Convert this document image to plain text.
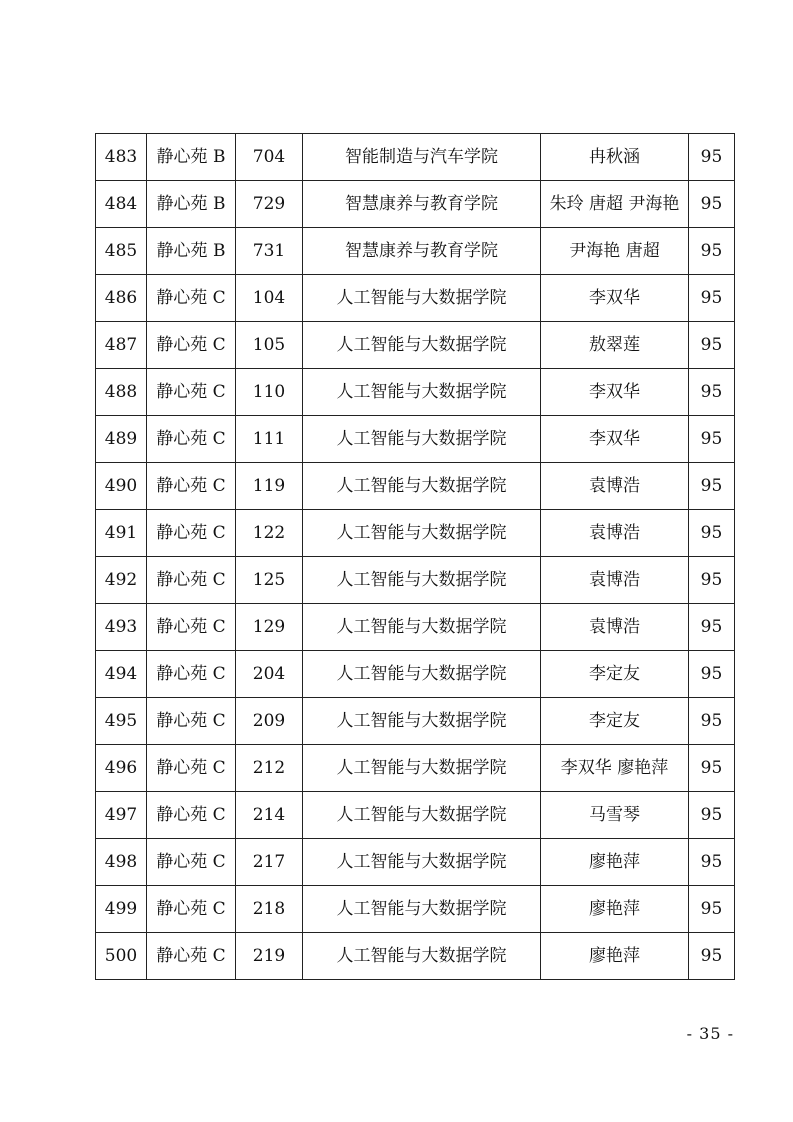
483	静心苑 B	704	智能制造与汽车学院	冉秋涵	95
484	静心苑 B	729	智慧康养与教育学院	朱玲 唐超 尹海艳	95
485	静心苑 B	731	智慧康养与教育学院	尹海艳 唐超	95
486	静心苑 C	104	人工智能与大数据学院	李双华	95
487	静心苑 C	105	人工智能与大数据学院	敖翠莲	95
488	静心苑 C	110	人工智能与大数据学院	李双华	95
489	静心苑 C	111	人工智能与大数据学院	李双华	95
490	静心苑 C	119	人工智能与大数据学院	袁博浩	95
491	静心苑 C	122	人工智能与大数据学院	袁博浩	95
492	静心苑 C	125	人工智能与大数据学院	袁博浩	95
493	静心苑 C	129	人工智能与大数据学院	袁博浩	95
494	静心苑 C	204	人工智能与大数据学院	李定友	95
495	静心苑 C	209	人工智能与大数据学院	李定友	95
496	静心苑 C	212	人工智能与大数据学院	李双华 廖艳萍	95
497	静心苑 C	214	人工智能与大数据学院	马雪琴	95
498	静心苑 C	217	人工智能与大数据学院	廖艳萍	95
499	静心苑 C	218	人工智能与大数据学院	廖艳萍	95
500	静心苑 C	219	人工智能与大数据学院	廖艳萍	95
- 35 -
